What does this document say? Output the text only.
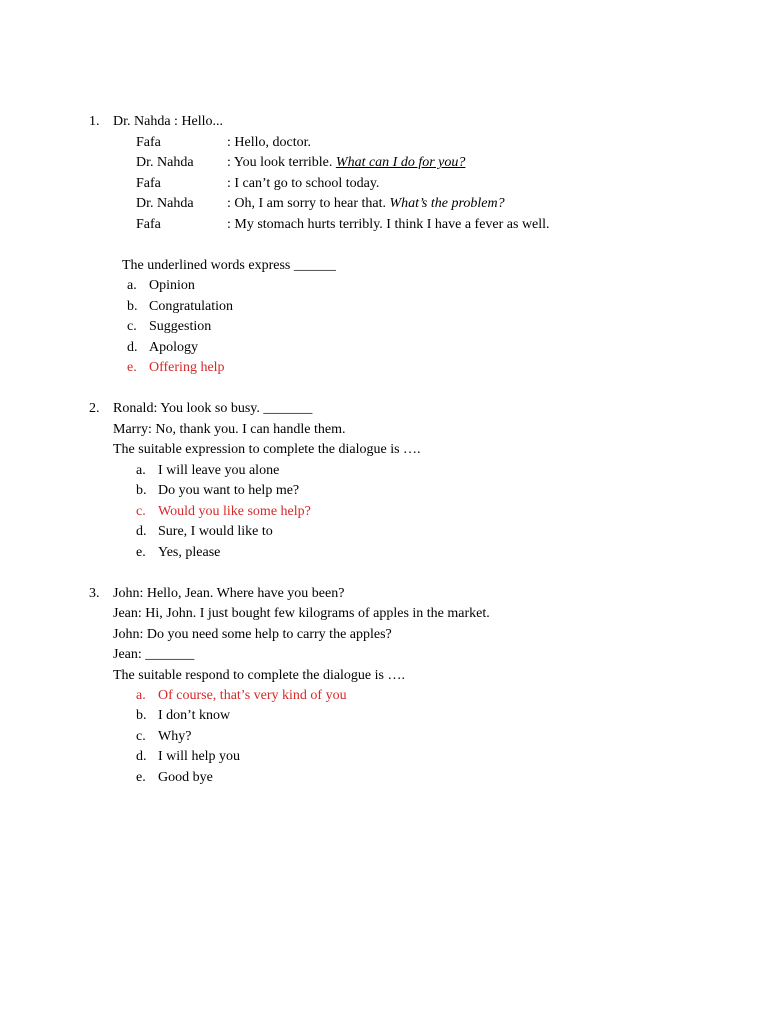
1. Dr. Nahda : Hello...
Fafa	: Hello, doctor.
Dr. Nahda : You look terrible. What can I do for you?
Fafa	: I can’t go to school today.
Dr. Nahda : Oh, I am sorry to hear that. What’s the problem?
Fafa	: My stomach hurts terribly. I think I have a fever as well.
The underlined words express ______
a. Opinion
b. Congratulation
c. Suggestion
d. Apology
e. Offering help
2. Ronald: You look so busy. _______
Marry: No, thank you. I can handle them.
The suitable expression to complete the dialogue is ….
a. I will leave you alone
b. Do you want to help me?
c. Would you like some help?
d. Sure, I would like to
e. Yes, please
3. John: Hello, Jean. Where have you been?
Jean: Hi, John. I just bought few kilograms of apples in the market.
John: Do you need some help to carry the apples?
Jean: _______
The suitable respond to complete the dialogue is ….
a. Of course, that’s very kind of you
b. I don’t know
c. Why?
d. I will help you
e. Good bye
